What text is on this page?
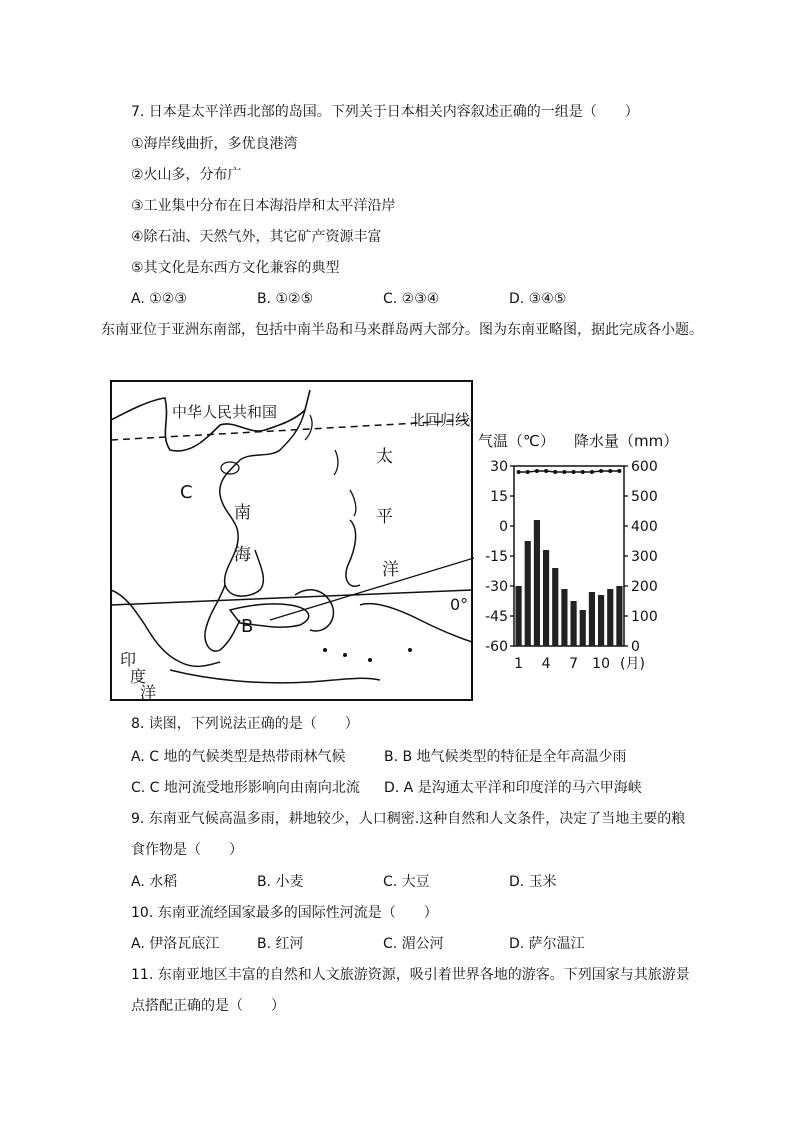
7. 日本是太平洋西北部的岛国。下列关于日本相关内容叙述正确的一组是（　　）
①海岸线曲折，多优良港湾
②火山多，分布广
③工业集中分布在日本海沿岸和太平洋沿岸
④除石油、天然气外，其它矿产资源丰富
⑤其文化是东西方文化兼容的典型
A. ①②③	B. ①②⑤	C. ②③④	D. ③④⑤
东南亚位于亚洲东南部，包括中南半岛和马来群岛两大部分。图为东南亚略图，据此完成各小题。
中华人民共和国	北回归线
C
南
海
太
平
洋
0°
B
印
度
洋
气温（℃） 降水量（mm）
30
15
0
-15
-30
-45
-60
600
500
400
300
200
100
0
1 4 7 10 (月)
8. 读图，下列说法正确的是（　　）
A. C 地的气候类型是热带雨林气候	B. B 地气候类型的特征是全年高温少雨
C. C 地河流受地形影响向由南向北流	D. A 是沟通太平洋和印度洋的马六甲海峡
9. 东南亚气候高温多雨，耕地较少，人口稠密.这种自然和人文条件，决定了当地主要的粮
食作物是（　　）
A. 水稻	B. 小麦	C. 大豆	D. 玉米
10. 东南亚流经国家最多的国际性河流是（　　）
A. 伊洛瓦底江	B. 红河	C. 湄公河	D. 萨尔温江
11. 东南亚地区丰富的自然和人文旅游资源，吸引着世界各地的游客。下列国家与其旅游景
点搭配正确的是（　　）
